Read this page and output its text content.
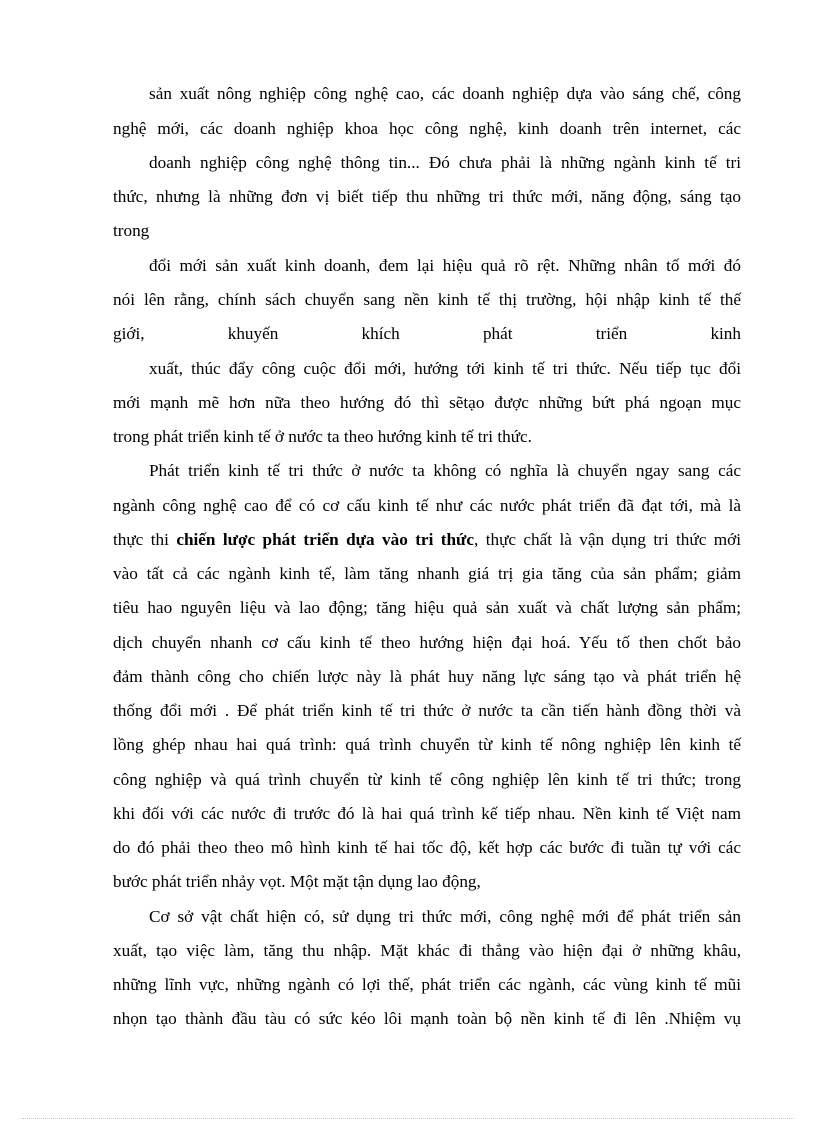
sản xuất nông nghiệp công nghệ cao, các doanh nghiệp dựa vào sáng chế, công
nghệ mới, các doanh nghiệp khoa học công nghệ, kinh doanh trên internet, các
doanh nghiệp công nghệ thông tin... Đó chưa phải là những ngành kinh tế tri
thức, nhưng là những đơn vị biết tiếp thu những tri thức mới, năng động, sáng tạo
trong
đổi mới sản xuất kinh doanh, đem lại hiệu quả rõ rệt. Những nhân tố mới đó
nói lên rằng, chính sách chuyển sang nền kinh tế thị trường, hội nhập kinh tế thế
giới,	khuyến	khích	phát	triển	kinh
xuất, thúc đẩy công cuộc đổi mới, hướng tới kinh tế tri thức. Nếu tiếp tục đổi
mới mạnh mẽ hơn nữa theo hướng đó thì sẽtạo được những bứt phá ngoạn mục
trong phát triển kinh tế ở nước ta theo hướng kinh tế tri thức.
Phát triển kinh tế tri thức ở nước ta không có nghĩa là chuyển ngay sang các
ngành công nghệ cao để có cơ cấu kinh tế như các nước phát triển đã đạt tới, mà là
thực thi chiến lược phát triển dựa vào tri thức, thực chất là vận dụng tri thức mới
vào tất cả các ngành kinh tế, làm tăng nhanh giá trị gia tăng của sản phẩm; giảm
tiêu hao nguyên liệu và lao động; tăng hiệu quả sản xuất và chất lượng sản phẩm;
dịch chuyển nhanh cơ cấu kinh tế theo hướng hiện đại hoá. Yếu tố then chốt bảo
đảm thành công cho chiến lược này là phát huy năng lực sáng tạo và phát triển hệ
thống đổi mới . Để phát triển kinh tế tri thức ở nước ta cần tiến hành đồng thời và
lồng ghép nhau hai quá trình: quá trình chuyển từ kinh tế nông nghiệp lên kinh tế
công nghiệp và quá trình chuyển từ kinh tế công nghiệp lên kinh tế tri thức; trong
khi đối với các nước đi trước đó là hai quá trình kế tiếp nhau. Nền kinh tế Việt nam
do đó phải theo theo mô hình kinh tế hai tốc độ, kết hợp các bước đi tuần tự với các
bước phát triển nhảy vọt. Một mặt tận dụng lao động,
Cơ sở vật chất hiện có, sử dụng tri thức mới, công nghệ mới để phát triển sản
xuất, tạo việc làm, tăng thu nhập. Mặt khác đi thẳng vào hiện đại ở những khâu,
những lĩnh vực, những ngành có lợi thế, phát triển các ngành, các vùng kinh tế mũi
nhọn tạo thành đầu tàu có sức kéo lôi mạnh toàn bộ nền kinh tế đi lên .Nhiệm vụ
